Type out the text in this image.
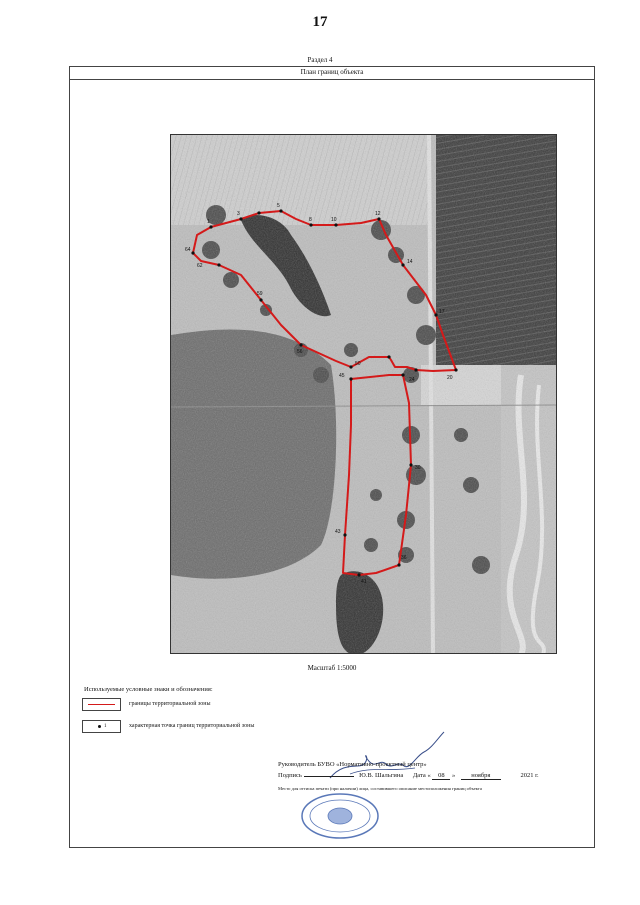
17
Раздел 4
План границ объекта
1
3
5
8	10
12
14
17
20
24
30
36
41
43
45
50
56
59
62
64
Масштаб 1:5000
Используемые условные знаки и обозначения:
границы территориальной зоны
1	характерная точка границ территориальной зоны
Руководитель БУВО «Нормативно-проектный центр»
Подпись	Ю.В. Шальгина Дата « 08 » ноября	2021 г.
Место для оттиска печати (при наличии) лица, составившего описание местоположения границ объекта
